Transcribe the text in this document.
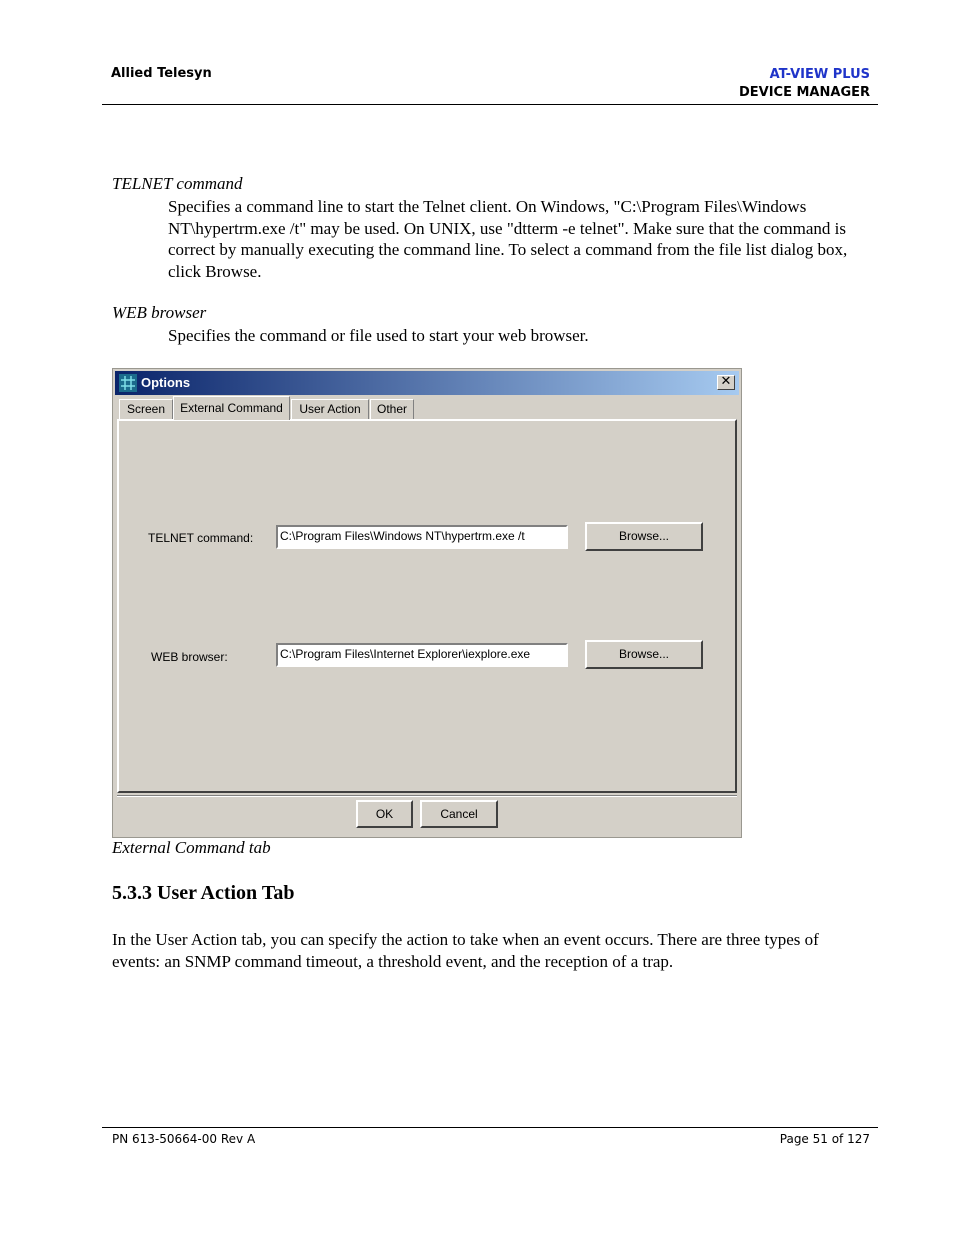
Allied Telesyn	AT-VIEW PLUS
DEVICE MANAGER
TELNET command
Specifies a command line to start the Telnet client. On Windows, "C:\Program Files\Windows NT\hypertrm.exe /t" may be used. On UNIX, use "dtterm -e telnet". Make sure that the command is correct by manually executing the command line. To select a command from the file list dialog box, click Browse.
WEB browser
Specifies the command or file used to start your web browser.
Options	✕
Screen	External Command	User Action	Other
TELNET command:	C:\Program Files\Windows NT\hypertrm.exe /t	Browse...
WEB browser:	C:\Program Files\Internet Explorer\iexplore.exe	Browse...
OK	Cancel
External Command tab
5.3.3 User Action Tab
In the User Action tab, you can specify the action to take when an event occurs. There are three types of events: an SNMP command timeout, a threshold event, and the reception of a trap.
PN 613-50664-00 Rev A	Page 51 of 127
